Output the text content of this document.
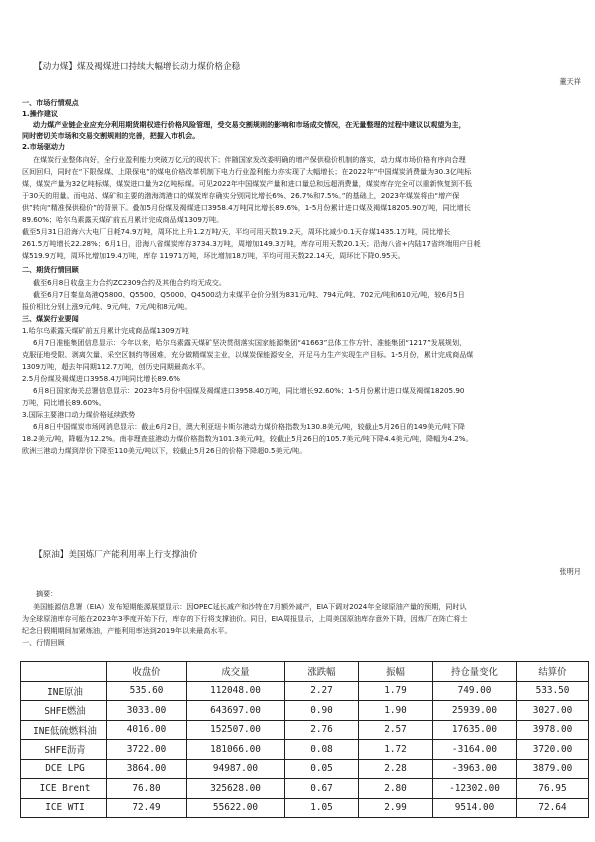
【动力煤】煤及褐煤进口持续大幅增长动力煤价格企稳
董天祥
一、市场行情观点
1.操作建议
动力煤产业链企业应充分利用期货期权进行价格风险管理，受交易交割规则的影响和市场成交情况，在无量整理的过程中建议以观望为主，
同时密切关市场和交易交割规则的完善，把握入市机会。
2.市场驱动力
在煤炭行业整体向好，全行业盈利能力突破万亿元的现状下；伴随国家发改委明确的增产保供稳价机制的落实，动力煤市场价格有序向合理
区间回归，同时在“下限保煤、上限保电”的煤电价格改革机制下电力行业盈利能力亦实现了大幅增长；在2022年“中国煤炭消费量为30.3亿吨标
煤，煤炭产量为32亿吨标煤，煤炭进口量为2亿吨标煤。可见2022年中国煤炭产量和进口量总和远超消费量，煤炭库存完全可以重新恢复到不低
于30天的用量。而电站、煤矿和主要的渤海湾港口的煤炭库存确实分别同比增长6%、26.7%和7.5%。”的基础上，2023年煤炭将由“增产保
供”转向“精准保供稳价”的背景下。叠加5月份煤及褐煤进口3958.4万吨同比增长89.6%，1-5月份累计进口煤及褐煤18205.90万吨，同比增长
89.60%；哈尔乌素露天煤矿前五月累计完成商品煤1309万吨。
截至5月31日沿海六大电厂日耗74.9万吨，周环比上升1.2万吨/天，平均可用天数19.2天，周环比减少0.1天存煤1435.1万吨，同比增长
261.5万吨增长22.28%；6月1日，沿海八省煤炭库存3734.3万吨，周增加149.3万吨，库存可用天数20.1天；沿海八省+内陆17省终端用户日耗
煤519.9万吨，周环比增加19.4万吨，库存 11971万吨，环比增加18万吨，平均可用天数22.14天，周环比下降0.95天。
二、期货行情回顾
截至6月8日收盘主力合约ZC2309合约及其他合约均无成交。
截至6月7日秦皇岛港Q5800、Q5500、Q5000、Q4500动力末煤平仓价分别为831元/吨、794元/吨、702元/吨和610元/吨，较6月5日
报价相比分别上涨9元/吨、9元/吨、7元/吨和8元/吨。
三、煤炭行业要闻
1.哈尔乌素露天煤矿前五月累计完成商品煤1309万吨
6月7日准能集团信息显示：今年以来，哈尔乌素露天煤矿坚决贯彻落实国家能源集团“41663”总体工作方针、准能集团“1217”发展规划，
克服征地受限、剥离欠量、采空区制约等困难，充分做精煤炭主业，以煤炭保能源安全，开足马力生产实现生产目标。1-5月份，累计完成商品煤
1309万吨，超去年同期112.7万吨，创历史同期最高水平。
2.5月份煤及褐煤进口3958.4万吨同比增长89.6%
6月8日国家海关总署信息显示：2023年5月份中国煤及褐煤进口3958.40万吨，同比增长92.60%；1-5月份累计进口煤及褐煤18205.90
万吨，同比增长89.60%。
3.国际主要港口动力煤价格延续跌势
6月8日中国煤炭市场网消息显示：截止6月2日，澳大利亚纽卡斯尔港动力煤价格指数为130.8美元/吨，较截止5月26日的149美元/吨下降
18.2美元/吨，降幅为12.2%。南非理查兹港动力煤价格指数为101.3美元/吨，较截止5月26日的105.7美元/吨下降4.4美元/吨，降幅为4.2%。
欧洲三港动力煤到岸价下降至110美元/吨以下，较截止5月26日的价格下降超0.5美元/吨。
【原油】美国炼厂产能利用率上行支撑油价
张明月
摘要：
美国能源信息署（EIA）发布短期能源展望显示：因OPEC延长减产和沙特在7月额外减产，EIA下调对2024年全球原油产量的预期，同时认
为全球原油库存可能在2023年3季度开始下行，库存的下行将支撑油价。同日，EIA周报显示，上周美国原油库存意外下降，因炼厂在阵亡将士
纪念日假期期间加紧炼油，产能利用率达到2019年以来最高水平。
一、行情回顾
	收盘价	成交量	涨跌幅	振幅	持仓量变化	结算价
INE原油	535.60	112048.00	2.27	1.79	749.00	533.50
SHFE燃油	3033.00	643697.00	0.90	1.90	25939.00	3027.00
INE低硫燃料油	4016.00	152507.00	2.76	2.57	17635.00	3978.00
SHFE沥青	3722.00	181066.00	0.08	1.72	-3164.00	3720.00
DCE LPG	3864.00	94987.00	0.05	2.28	-3963.00	3879.00
ICE Brent	76.80	325628.00	0.67	2.80	-12302.00	76.95
ICE WTI	72.49	55622.00	1.05	2.99	9514.00	72.64
